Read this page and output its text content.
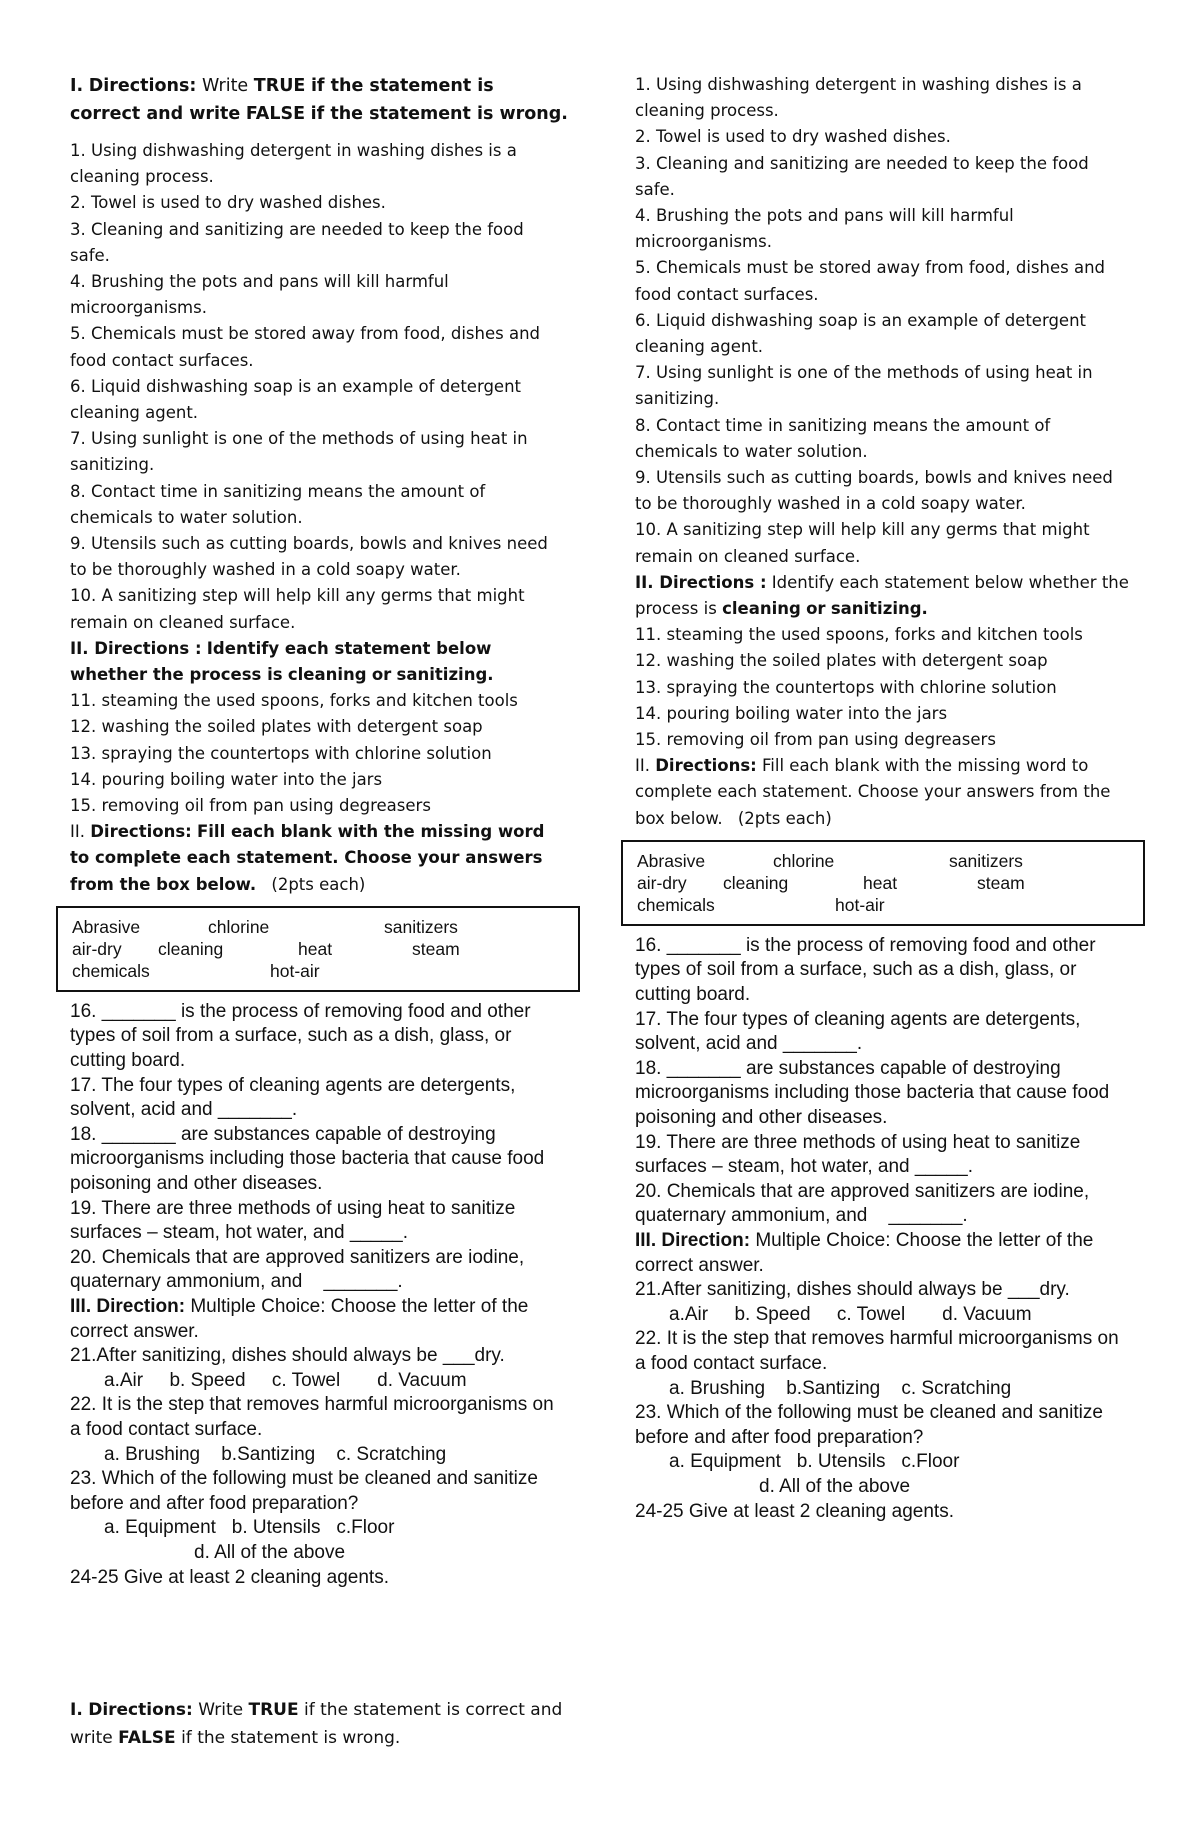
I. Directions: Write TRUE if the statement is correct and write FALSE if the statement is wrong.

1. Using dishwashing detergent in washing dishes is a cleaning process.

2. Towel is used to dry washed dishes.

3. Cleaning and sanitizing are needed to keep the food safe.

4. Brushing the pots and pans will kill harmful microorganisms.

5. Chemicals must be stored away from food, dishes and food contact surfaces.

6. Liquid dishwashing soap is an example of detergent cleaning agent.

7. Using sunlight is one of the methods of using heat in sanitizing.

8. Contact time in sanitizing means the amount of chemicals to water solution.

9. Utensils such as cutting boards, bowls and knives need to be thoroughly washed in a cold soapy water.

10. A sanitizing step will help kill any germs that might remain on cleaned surface.

II. Directions : Identify each statement below whether the process is cleaning or sanitizing.

11. steaming the used spoons, forks and kitchen tools

12. washing the soiled plates with detergent soap

13. spraying the countertops with chlorine solution

14. pouring boiling water into the jars

15. removing oil from pan using degreasers

II. Directions: Fill each blank with the missing word to complete each statement. Choose your answers from the box below. (2pts each)

Abrasive	chlorine	sanitizers
air-dry cleaning	heat	steam
chemicals	hot-air

16. _______ is the process of removing food and other types of soil from a surface, such as a dish, glass, or cutting board.

17. The four types of cleaning agents are detergents, solvent, acid and _______.

18. _______ are substances capable of destroying microorganisms including those bacteria that cause food poisoning and other diseases.

19. There are three methods of using heat to sanitize surfaces – steam, hot water, and _____.

20. Chemicals that are approved sanitizers are iodine, quaternary ammonium, and    _______.

III. Direction: Multiple Choice: Choose the letter of the correct answer.

21.After sanitizing, dishes should always be ___dry.

a.Air     b. Speed     c. Towel       d. Vacuum

22. It is the step that removes harmful microorganisms on a food contact surface.

a. Brushing    b.Santizing    c. Scratching

23. Which of the following must be cleaned and sanitize before and after food preparation?

a. Equipment   b. Utensils   c.Floor

d. All of the above

24-25 Give at least 2 cleaning agents.

1. Using dishwashing detergent in washing dishes is a cleaning process.

2. Towel is used to dry washed dishes.

3. Cleaning and sanitizing are needed to keep the food safe.

4. Brushing the pots and pans will kill harmful microorganisms.

5. Chemicals must be stored away from food, dishes and food contact surfaces.

6. Liquid dishwashing soap is an example of detergent cleaning agent.

7. Using sunlight is one of the methods of using heat in sanitizing.

8. Contact time in sanitizing means the amount of chemicals to water solution.

9. Utensils such as cutting boards, bowls and knives need to be thoroughly washed in a cold soapy water.

10. A sanitizing step will help kill any germs that might remain on cleaned surface.

II. Directions : Identify each statement below whether the process is cleaning or sanitizing.

11. steaming the used spoons, forks and kitchen tools

12. washing the soiled plates with detergent soap

13. spraying the countertops with chlorine solution

14. pouring boiling water into the jars

15. removing oil from pan using degreasers

II. Directions: Fill each blank with the missing word to complete each statement. Choose your answers from the box below. (2pts each)

Abrasive	chlorine	sanitizers
air-dry cleaning	heat	steam
chemicals	hot-air

16. _______ is the process of removing food and other types of soil from a surface, such as a dish, glass, or cutting board.

17. The four types of cleaning agents are detergents, solvent, acid and _______.

18. _______ are substances capable of destroying microorganisms including those bacteria that cause food poisoning and other diseases.

19. There are three methods of using heat to sanitize surfaces – steam, hot water, and _____.

20. Chemicals that are approved sanitizers are iodine, quaternary ammonium, and    _______.

III. Direction: Multiple Choice: Choose the letter of the correct answer.

21.After sanitizing, dishes should always be ___dry.

a.Air     b. Speed     c. Towel       d. Vacuum

22. It is the step that removes harmful microorganisms on a food contact surface.

a. Brushing    b.Santizing    c. Scratching

23. Which of the following must be cleaned and sanitize before and after food preparation?

a. Equipment   b. Utensils   c.Floor

d. All of the above

24-25 Give at least 2 cleaning agents.

I. Directions: Write TRUE if the statement is correct and write FALSE if the statement is wrong.
